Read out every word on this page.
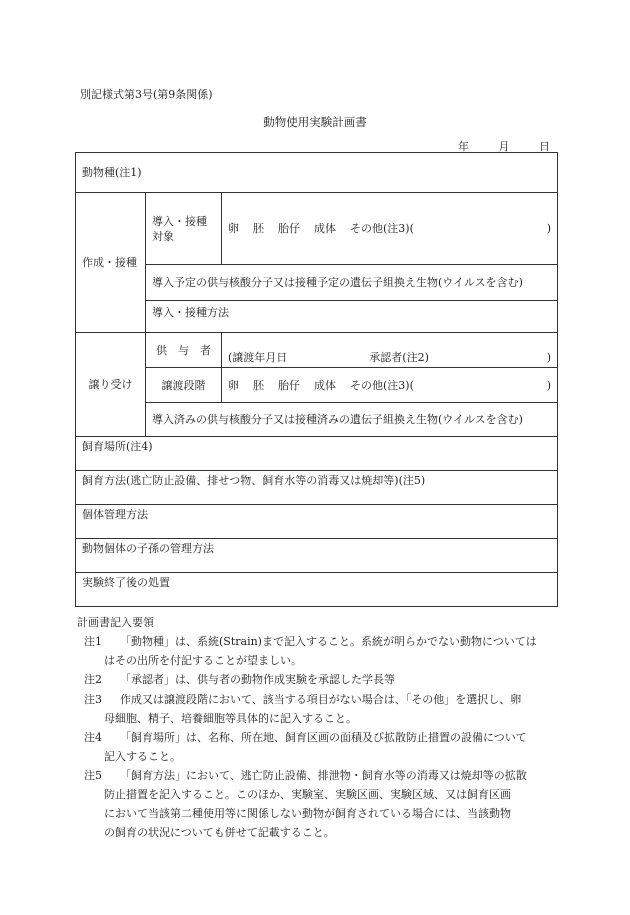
別記様式第3号(第9条関係)
動物使用実験計画書
年	月	日
動物種(注1)		
作成・接種	導入・接種対象	卵 胚 胎仔 成体 その他(注3)( )

	導入予定の供与核酸分子又は接種予定の遺伝子組換え生物(ウイルスを含む)	
	導入・接種方法	
譲り受け	供　与　者	(譲渡年月日 承認者(注2) )

	譲渡段階	卵 胚 胎仔 成体 その他(注3)( )

	導入済みの供与核酸分子又は接種済みの遺伝子組換え生物(ウイルスを含む)	
飼育場所(注4)		
飼育方法(逃亡防止設備、排せつ物、飼育水等の消毒又は焼却等)(注5)		
個体管理方法		
動物個体の子孫の管理方法		
実験終了後の処置		
計画書記入要領
注1 「動物種」は、系統(Strain)まで記入すること。系統が明らかでない動物については
はその出所を付記することが望ましい。
注2 「承認者」は、供与者の動物作成実験を承認した学長等
注3 作成又は譲渡段階において、該当する項目がない場合は、「その他」を選択し、卵
母細胞、精子、培養細胞等具体的に記入すること。
注4 「飼育場所」は、名称、所在地、飼育区画の面積及び拡散防止措置の設備について
記入すること。
注5 「飼育方法」において、逃亡防止設備、排泄物・飼育水等の消毒又は焼却等の拡散
防止措置を記入すること。このほか、実験室、実験区画、実験区域、又は飼育区画
において当該第二種使用等に関係しない動物が飼育されている場合には、当該動物
の飼育の状況についても併せて記載すること。
